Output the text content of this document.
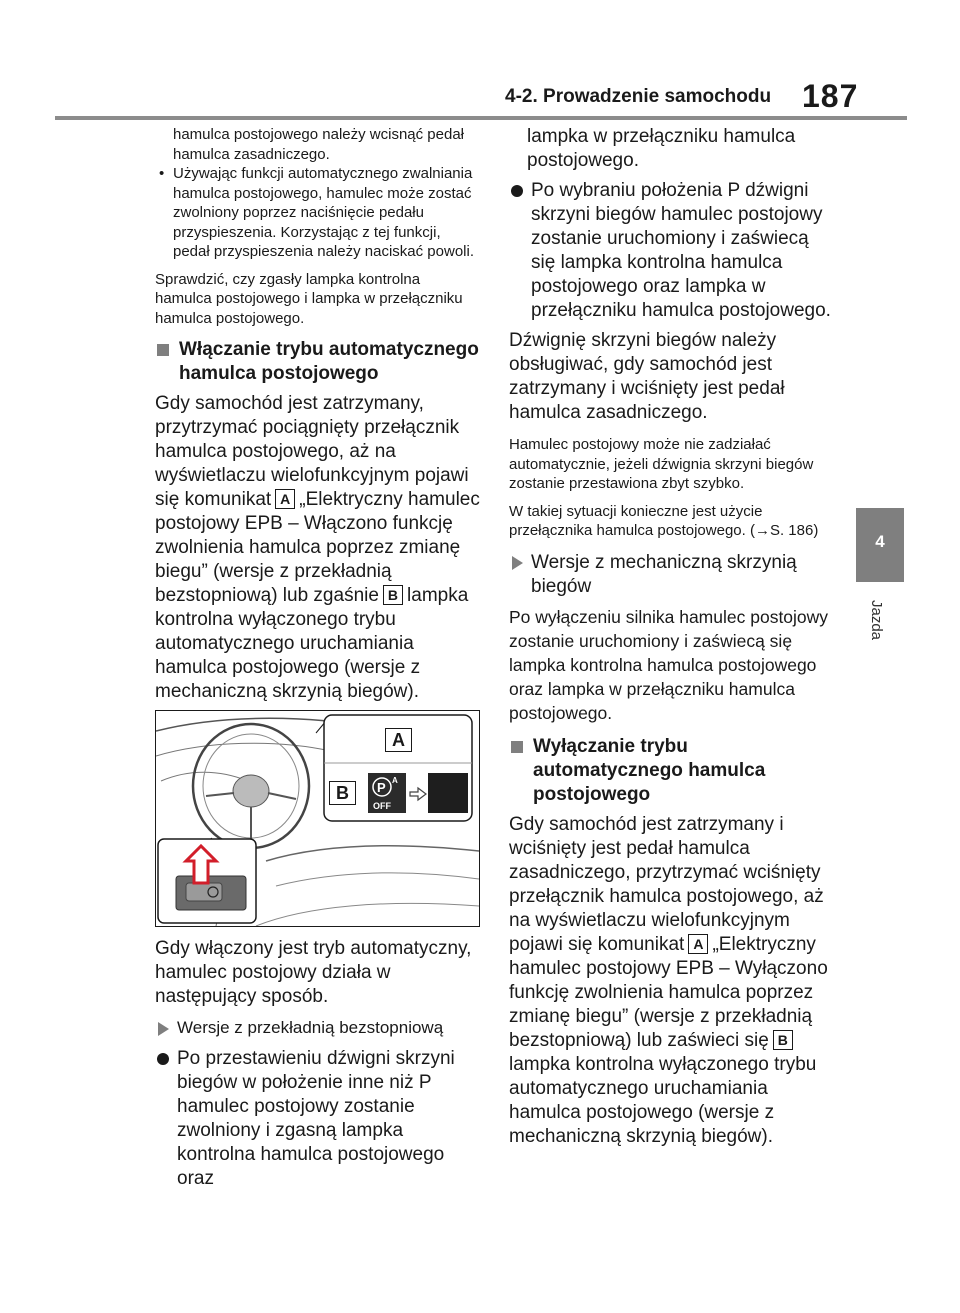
4-2. Prowadzenie samochodu 187
4
Jazda

hamulca postojowego należy wcisnąć pedał hamulca zasadniczego.

• Używając funkcji automatycznego zwalniania hamulca postojowego, hamulec może zostać zwolniony poprzez naciśnięcie pedału przyspieszenia. Korzystając z tej funkcji, pedał przyspieszenia należy naciskać powoli.

Sprawdzić, czy zgasły lampka kontrolna hamulca postojowego i lampka w przełączniku hamulca postojowego.

Włączanie trybu automatycznego hamulca postojowego

Gdy samochód jest zatrzymany, przytrzymać pociągnięty przełącznik hamulca postojowego, aż na wyświetlaczu wielofunkcyjnym pojawi się komunikat A „Elektryczny hamulec postojowy EPB – Włączono funkcję zwolnienia hamulca poprzez zmianę biegu” (wersje z przekładnią bezstopniową) lub zgaśnie B lampka kontrolna wyłączonego trybu automatycznego uruchamiania hamulca postojowego (wersje z mechaniczną skrzynią biegów).

P A
OFF
A
B

Gdy włączony jest tryb automatyczny, hamulec postojowy działa w następujący sposób.

Wersje z przekładnią bezstopniową

Po przestawieniu dźwigni skrzyni biegów w położenie inne niż P hamulec postojowy zostanie zwolniony i zgasną lampka kontrolna hamulca postojowego oraz

lampka w przełączniku hamulca postojowego.

Po wybraniu położenia P dźwigni skrzyni biegów hamulec postojowy zostanie uruchomiony i zaświecą się lampka kontrolna hamulca postojowego oraz lampka w przełączniku hamulca postojowego.

Dźwignię skrzyni biegów należy obsługiwać, gdy samochód jest zatrzymany i wciśnięty jest pedał hamulca zasadniczego.

Hamulec postojowy może nie zadziałać automatycznie, jeżeli dźwignia skrzyni biegów zostanie przestawiona zbyt szybko.

W takiej sytuacji konieczne jest użycie przełącznika hamulca postojowego. (→S. 186)

Wersje z mechaniczną skrzynią biegów

Po wyłączeniu silnika hamulec postojowy zostanie uruchomiony i zaświecą się lampka kontrolna hamulca postojowego oraz lampka w przełączniku hamulca postojowego.

Wyłączanie trybu automatycznego hamulca postojowego

Gdy samochód jest zatrzymany i wciśnięty jest pedał hamulca zasadniczego, przytrzymać wciśnięty przełącznik hamulca postojowego, aż na wyświetlaczu wielofunkcyjnym pojawi się komunikat A „Elektryczny hamulec postojowy EPB – Wyłączono funkcję zwolnienia hamulca poprzez zmianę biegu” (wersje z przekładnią bezstopniową) lub zaświeci się Blampka kontrolna wyłączonego trybu automatycznego uruchamiania hamulca postojowego (wersje z mechaniczną skrzynią biegów).
